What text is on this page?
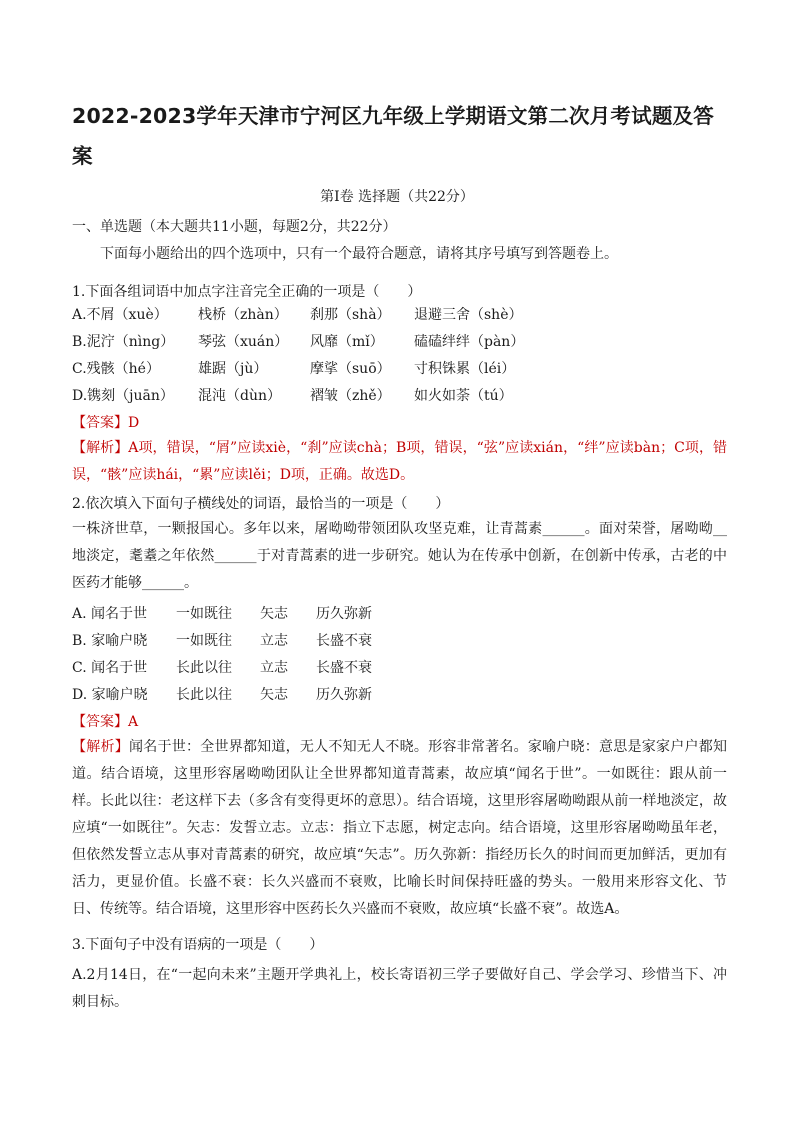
2022-2023学年天津市宁河区九年级上学期语文第二次月考试题及答案
第Ⅰ卷 选择题（共22分）
一、单选题（本大题共11小题，每题2分，共22分）
下面每小题给出的四个选项中，只有一个最符合题意，请将其序号填写到答题卷上。
1.下面各组词语中加点字注音完全正确的一项是（　　）
A.不屑（xuè） 栈桥（zhàn） 刹那（shà） 退避三舍（shè）
B.泥泞（nìng） 琴弦（xuán） 风靡（mǐ） 磕磕绊绊（pàn）
C.残骸（hé）	雄踞（jù）	摩挲（suō） 寸积铢累（léi）
D.镌刻（juān） 混沌（dùn） 褶皱（zhě） 如火如荼（tú）
【答案】D
【解析】A项，错误，“屑”应读xiè，“刹”应读chà；B项，错误，“弦”应读xián，“绊”应读bàn；C项，错误，“骸”应读hái，“累”应读lěi；D项，正确。故选D。
2.依次填入下面句子横线处的词语，最恰当的一项是（　　）
一株济世草，一颗报国心。多年以来，屠呦呦带领团队攻坚克难，让青蒿素______。面对荣誉，屠呦呦__地淡定，耄耋之年依然______于对青蒿素的进一步研究。她认为在传承中创新，在创新中传承，古老的中医药才能够______。
A. 闻名于世 一如既往 矢志 历久弥新
B. 家喻户晓 一如既往 立志 长盛不衰
C. 闻名于世 长此以往 立志 长盛不衰
D. 家喻户晓 长此以往 矢志 历久弥新
【答案】A
【解析】闻名于世：全世界都知道，无人不知无人不晓。形容非常著名。家喻户晓：意思是家家户户都知道。结合语境，这里形容屠呦呦团队让全世界都知道青蒿素，故应填“闻名于世”。一如既往：跟从前一样。长此以往：老这样下去（多含有变得更坏的意思）。结合语境，这里形容屠呦呦跟从前一样地淡定，故应填“一如既往”。矢志：发誓立志。立志：指立下志愿，树定志向。结合语境，这里形容屠呦呦虽年老，但依然发誓立志从事对青蒿素的研究，故应填“矢志”。历久弥新：指经历长久的时间而更加鲜活，更加有活力，更显价值。长盛不衰：长久兴盛而不衰败，比喻长时间保持旺盛的势头。一般用来形容文化、节日、传统等。结合语境，这里形容中医药长久兴盛而不衰败，故应填“长盛不衰”。故选A。
3.下面句子中没有语病的一项是（　　）
A.2月14日，在“一起向未来”主题开学典礼上，校长寄语初三学子要做好自己、学会学习、珍惜当下、冲刺目标。
